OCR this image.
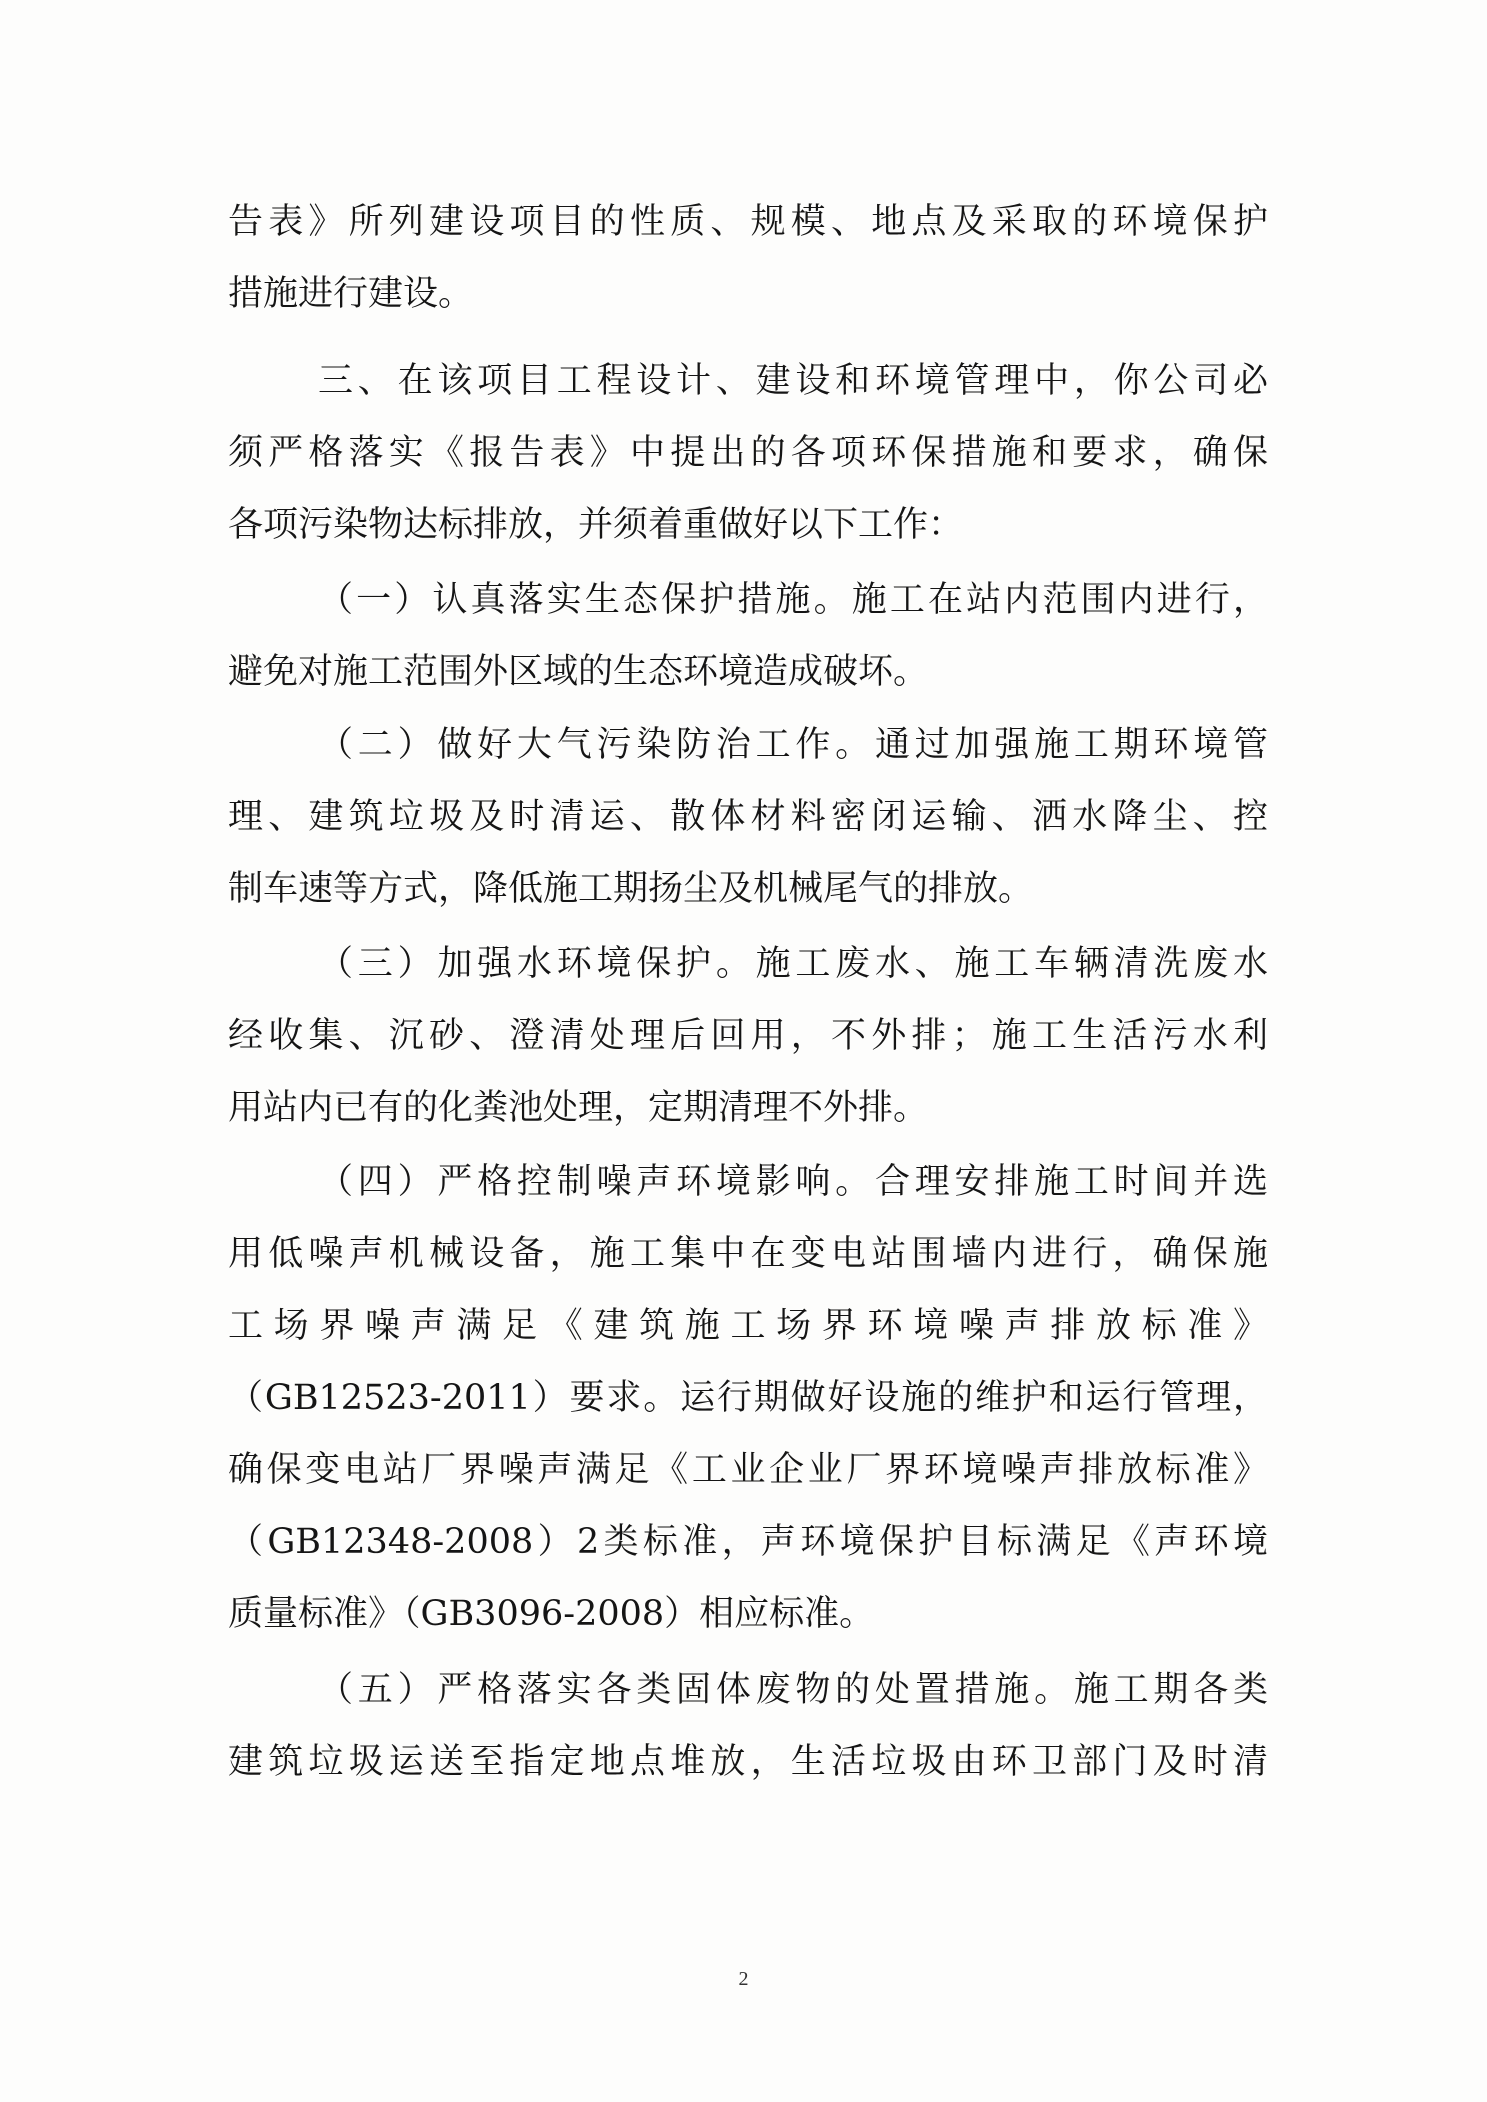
告表》所列建设项目的性质、规模、地点及采取的环境保护
措施进行建设。
三、在该项目工程设计、建设和环境管理中，你公司必
须严格落实《报告表》中提出的各项环保措施和要求，确保
各项污染物达标排放，并须着重做好以下工作：
（一）认真落实生态保护措施。施工在站内范围内进行，
避免对施工范围外区域的生态环境造成破坏。
（二）做好大气污染防治工作。通过加强施工期环境管
理、建筑垃圾及时清运、散体材料密闭运输、洒水降尘、控
制车速等方式，降低施工期扬尘及机械尾气的排放。
（三）加强水环境保护。施工废水、施工车辆清洗废水
经收集、沉砂、澄清处理后回用，不外排；施工生活污水利
用站内已有的化粪池处理，定期清理不外排。
（四）严格控制噪声环境影响。合理安排施工时间并选
用低噪声机械设备，施工集中在变电站围墙内进行，确保施
工场界噪声满足《建筑施工场界环境噪声排放标准》
（GB12523-2011）要求。运行期做好设施的维护和运行管理，
确保变电站厂界噪声满足《工业企业厂界环境噪声排放标准》
（GB12348-2008）2类标准，声环境保护目标满足《声环境
质量标准》（GB3096-2008）相应标准。
（五）严格落实各类固体废物的处置措施。施工期各类
建筑垃圾运送至指定地点堆放，生活垃圾由环卫部门及时清
2
